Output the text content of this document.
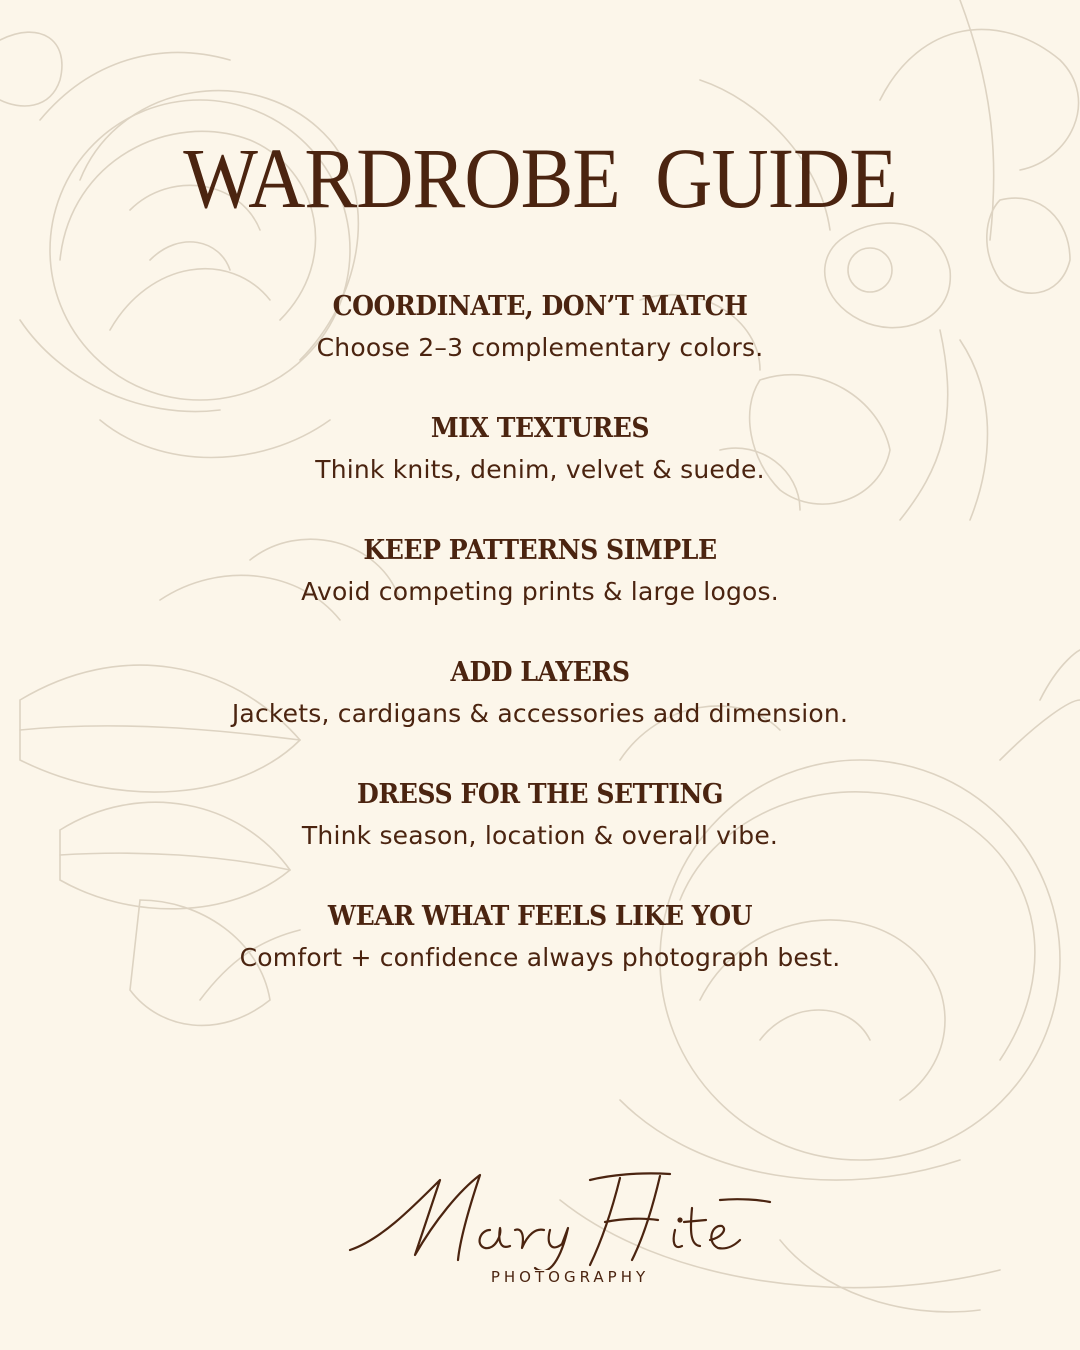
WARDROBE GUIDE
COORDINATE, DON’T MATCH
Choose 2–3 complementary colors.
MIX TEXTURES
Think knits, denim, velvet & suede.
KEEP PATTERNS SIMPLE
Avoid competing prints & large logos.
ADD LAYERS
Jackets, cardigans & accessories add dimension.
DRESS FOR THE SETTING
Think season, location & overall vibe.
WEAR WHAT FEELS LIKE YOU
Comfort + confidence always photograph best.
PHOTOGRAPHY
